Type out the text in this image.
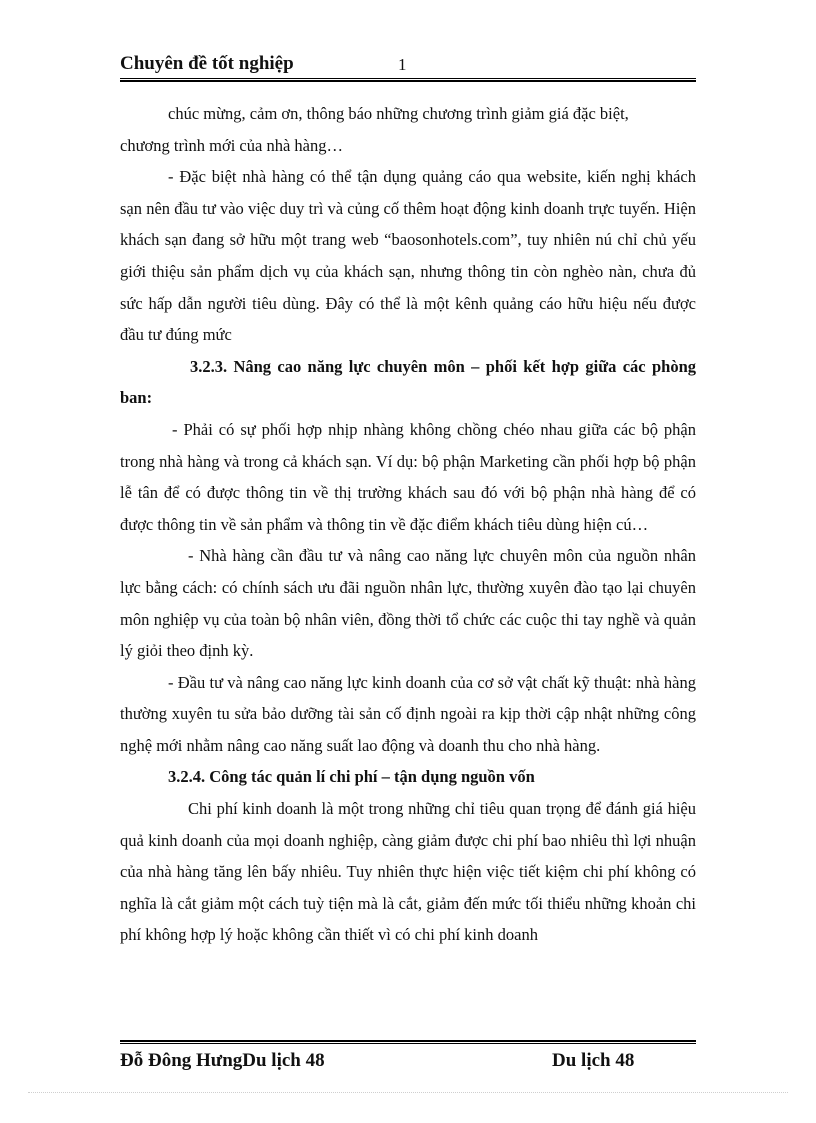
Chuyên đề tốt nghiệp	1

chúc mừng, cảm ơn, thông báo những chương trình giảm giá đặc biệt,

chương trình mới của nhà hàng…

- Đặc biệt nhà hàng có thể tận dụng quảng cáo qua website, kiến nghị khách sạn nên đầu tư vào việc duy trì và củng cố thêm hoạt động kinh doanh trực tuyến. Hiện khách sạn đang sở hữu một trang web “baosonhotels.com”, tuy nhiên nú chỉ chủ yếu giới thiệu sản phẩm dịch vụ của khách sạn, nhưng thông tin còn nghèo nàn, chưa đủ sức hấp dẫn người tiêu dùng. Đây có thể là một kênh quảng cáo hữu hiệu nếu được đầu tư đúng mức

3.2.3. Nâng cao năng lực chuyên môn – phối kết hợp giữa các phòng ban:

- Phải có sự phối hợp nhịp nhàng không chồng chéo nhau giữa các bộ phận trong nhà hàng và trong cả khách sạn. Ví dụ: bộ phận Marketing cần phối hợp bộ phận lễ tân để có được thông tin về thị trường khách sau đó với bộ phận nhà hàng để có được thông tin về sản phẩm và thông tin về đặc điểm khách tiêu dùng hiện cú…

- Nhà hàng cần đầu tư và nâng cao năng lực chuyên môn của nguồn nhân lực bằng cách: có chính sách ưu đãi nguồn nhân lực, thường xuyên đào tạo lại chuyên môn nghiệp vụ của toàn bộ nhân viên, đồng thời tổ chức các cuộc thi tay nghề và quản lý giỏi theo định kỳ.

- Đầu tư và nâng cao năng lực kinh doanh của cơ sở vật chất kỹ thuật: nhà hàng thường xuyên tu sửa bảo dưỡng tài sản cố định ngoài ra kịp thời cập nhật những công nghệ mới nhằm nâng cao năng suất lao động và doanh thu cho nhà hàng.

3.2.4. Công tác quản lí chi phí – tận dụng nguồn vốn

Chi phí kinh doanh là một trong những chỉ tiêu quan trọng để đánh giá hiệu quả kinh doanh của mọi doanh nghiệp, càng giảm được chi phí bao nhiêu thì lợi nhuận của nhà hàng tăng lên bấy nhiêu. Tuy nhiên thực hiện việc tiết kiệm chi phí không có nghĩa là cắt giảm một cách tuỳ tiện mà là cắt, giảm đến mức tối thiểu những khoản chi phí không hợp lý hoặc không cần thiết vì có chi phí kinh doanh

Đỗ Đông HưngDu lịch 48	Du lịch 48
